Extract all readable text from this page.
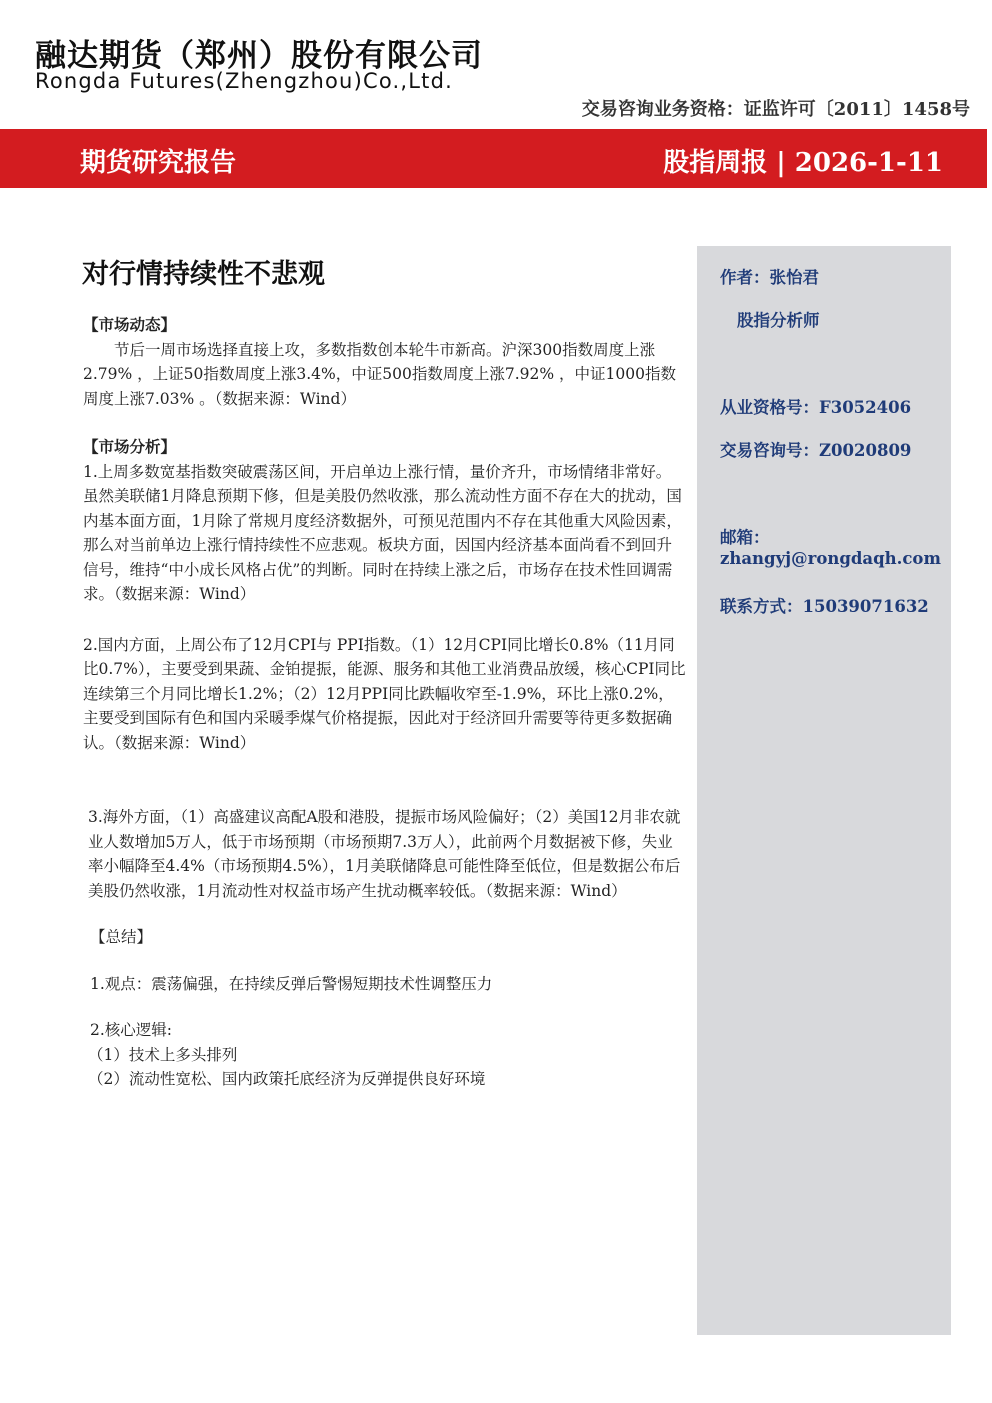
融达期货（郑州）股份有限公司
Rongda Futures(Zhengzhou)Co.,Ltd.
交易咨询业务资格：证监许可〔2011〕1458号
期货研究报告	股指周报 | 2026-1-11
对行情持续性不悲观

【市场动态】

节后一周市场选择直接上攻，多数指数创本轮牛市新高。沪深300指数周度上涨2.79% ，上证50指数周度上涨3.4%，中证500指数周度上涨7.92% ，中证1000指数周度上涨7.03% 。（数据来源：Wind）

【市场分析】

1.上周多数宽基指数突破震荡区间，开启单边上涨行情，量价齐升，市场情绪非常好。虽然美联储1月降息预期下修，但是美股仍然收涨，那么流动性方面不存在大的扰动，国内基本面方面，1月除了常规月度经济数据外，可预见范围内不存在其他重大风险因素，那么对当前单边上涨行情持续性不应悲观。板块方面，因国内经济基本面尚看不到回升信号，维持“中小成长风格占优”的判断。同时在持续上涨之后，市场存在技术性回调需求。（数据来源：Wind）

2.国内方面，上周公布了12月CPI与 PPI指数。（1）12月CPI同比增长0.8%（11月同比0.7%），主要受到果蔬、金铂提振，能源、服务和其他工业消费品放缓，核心CPI同比连续第三个月同比增长1.2%；（2）12月PPI同比跌幅收窄至-1.9%，环比上涨0.2%，主要受到国际有色和国内采暖季煤气价格提振，因此对于经济回升需要等待更多数据确认。（数据来源：Wind）

3.海外方面，（1）高盛建议高配A股和港股，提振市场风险偏好；（2）美国12月非农就业人数增加5万人，低于市场预期（市场预期7.3万人），此前两个月数据被下修，失业率小幅降至4.4%（市场预期4.5%），1月美联储降息可能性降至低位，但是数据公布后美股仍然收涨，1月流动性对权益市场产生扰动概率较低。（数据来源：Wind）

【总结】

1.观点：震荡偏强，在持续反弹后警惕短期技术性调整压力

2.核心逻辑:

（1）技术上多头排列

（2）流动性宽松、国内政策托底经济为反弹提供良好环境

作者：张怡君
股指分析师
从业资格号：F3052406
交易咨询号：Z0020809
邮箱：
zhangyj@rongdaqh.com
联系方式：15039071632
